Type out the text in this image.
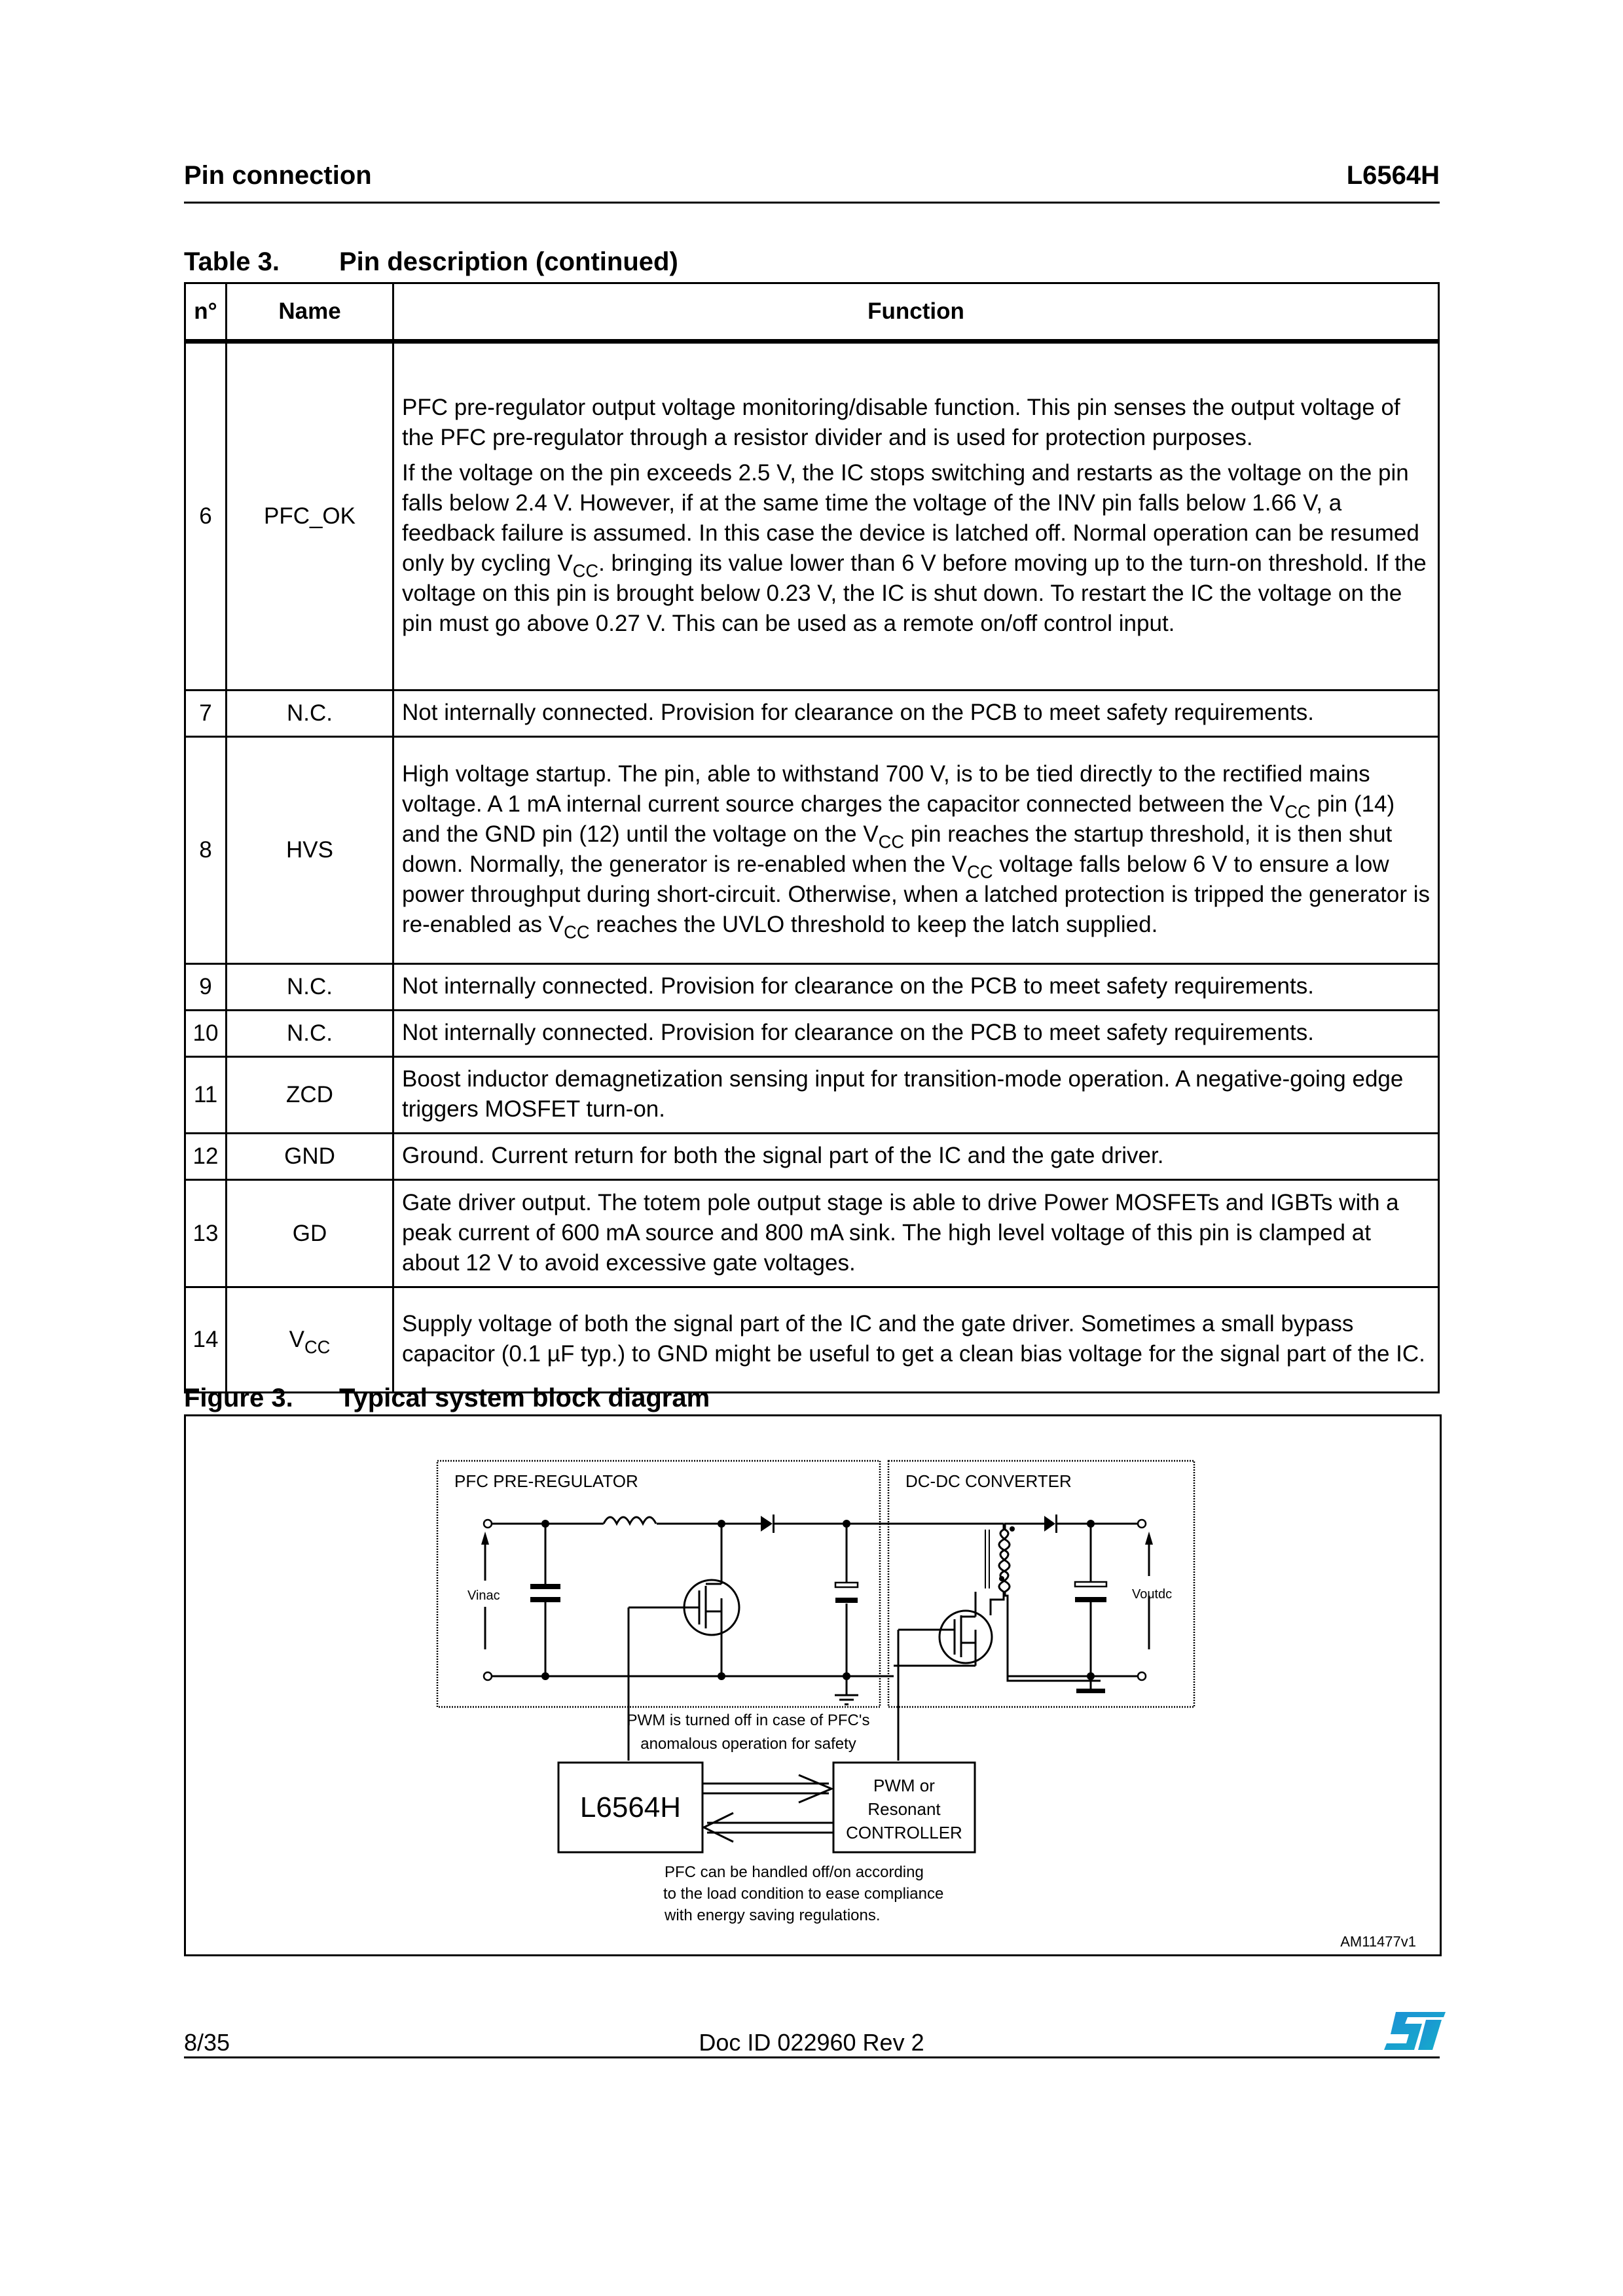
Pin connection	L6564H
Table 3. Pin description (continued)
n°	Name	Function
6	PFC_OK	PFC pre-regulator output voltage monitoring/disable function. This pin senses the output voltage of the PFC pre-regulator through a resistor divider and is used for protection purposes.

If the voltage on the pin exceeds 2.5 V, the IC stops switching and restarts as the voltage on the pin falls below 2.4 V. However, if at the same time the voltage of the INV pin falls below 1.66 V, a feedback failure is assumed. In this case the device is latched off. Normal operation can be resumed only by cycling $V_{CC}$. bringing its value lower than 6 V before moving up to the turn-on threshold. If the voltage on this pin is brought below 0.23 V, the IC is shut down. To restart the IC the voltage on the pin must go above 0.27 V. This can be used as a remote on/off control input.

7	N.C.	Not internally connected. Provision for clearance on the PCB to meet safety requirements.

8	HVS	High voltage startup. The pin, able to withstand 700 V, is to be tied directly to the rectified mains voltage. A 1 mA internal current source charges the capacitor connected between the $V_{CC}$ pin (14) and the GND pin (12) until the voltage on the $V_{CC}$ pin reaches the startup threshold, it is then shut down. Normally, the generator is re-enabled when the $V_{CC}$ voltage falls below 6 V to ensure a low power throughput during short-circuit. Otherwise, when a latched protection is tripped the generator is re-enabled as $V_{CC}$ reaches the UVLO threshold to keep the latch supplied.

9	N.C.	Not internally connected. Provision for clearance on the PCB to meet safety requirements.

10	N.C.	Not internally connected. Provision for clearance on the PCB to meet safety requirements.

11	ZCD	Boost inductor demagnetization sensing input for transition-mode operation. A negative-going edge triggers MOSFET turn-on.

12	GND	Ground. Current return for both the signal part of the IC and the gate driver.

13	GD	Gate driver output. The totem pole output stage is able to drive Power MOSFETs and IGBTs with a peak current of 600 mA source and 800 mA sink. The high level voltage of this pin is clamped at about 12 V to avoid excessive gate voltages.

14	$V_{CC}$	Supply voltage of both the signal part of the IC and the gate driver. Sometimes a small bypass capacitor (0.1 µF typ.) to GND might be useful to get a clean bias voltage for the signal part of the IC.

Figure 3. Typical system block diagram
PFC PRE-REGULATOR	DC-DC CONVERTER
Vinac	Voutdc
PWM is turned off in case of PFC's
anomalous operation for safety
L6564H
PWM or
Resonant
CONTROLLER
PFC can be handled off/on according
to the load condition to ease compliance
with energy saving regulations.
AM11477v1
8/35	Doc ID 022960 Rev 2
